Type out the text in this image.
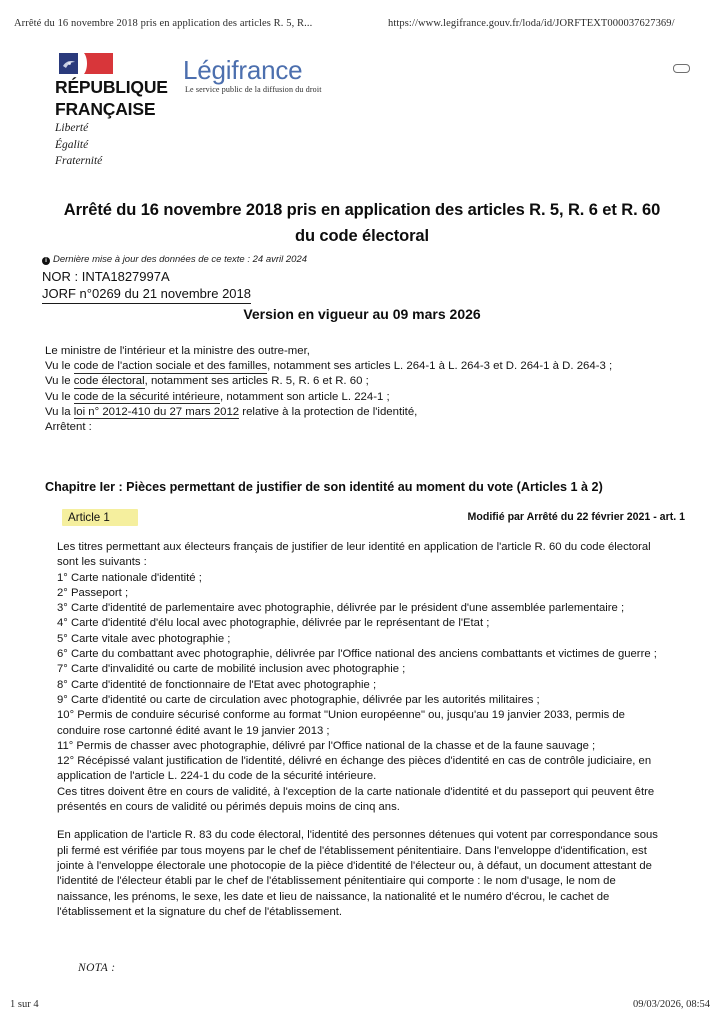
Arrêté du 16 novembre 2018 pris en application des articles R. 5, R...	https://www.legifrance.gouv.fr/loda/id/JORFTEXT000037627369/
RÉPUBLIQUE
FRANÇAISE
Liberté
Égalité
Fraternité
Légifrance
Le service public de la diffusion du droit
Arrêté du 16 novembre 2018 pris en application des articles R. 5, R. 6 et R. 60 du code électoral
i Dernière mise à jour des données de ce texte : 24 avril 2024
NOR : INTA1827997A
JORF n°0269 du 21 novembre 2018
Version en vigueur au 09 mars 2026

Le ministre de l'intérieur et la ministre des outre-mer,

Vu le code de l'action sociale et des familles, notamment ses articles L. 264-1 à L. 264-3 et D. 264-1 à D. 264-3 ;

Vu le code électoral, notamment ses articles R. 5, R. 6 et R. 60 ;

Vu le code de la sécurité intérieure, notamment son article L. 224-1 ;

Vu la loi n° 2012-410 du 27 mars 2012 relative à la protection de l'identité,

Arrêtent :

Chapitre Ier : Pièces permettant de justifier de son identité au moment du vote (Articles 1 à 2)
Article 1	Modifié par Arrêté du 22 février 2021 - art. 1

Les titres permettant aux électeurs français de justifier de leur identité en application de l'article R. 60 du code électoral sont les suivants :

1° Carte nationale d'identité ;

2° Passeport ;

3° Carte d'identité de parlementaire avec photographie, délivrée par le président d'une assemblée parlementaire ;

4° Carte d'identité d'élu local avec photographie, délivrée par le représentant de l'Etat ;

5° Carte vitale avec photographie ;

6° Carte du combattant avec photographie, délivrée par l'Office national des anciens combattants et victimes de guerre ;

7° Carte d'invalidité ou carte de mobilité inclusion avec photographie ;

8° Carte d'identité de fonctionnaire de l'Etat avec photographie ;

9° Carte d'identité ou carte de circulation avec photographie, délivrée par les autorités militaires ;

10° Permis de conduire sécurisé conforme au format "Union européenne" ou, jusqu'au 19 janvier 2033, permis de conduire rose cartonné édité avant le 19 janvier 2013 ;

11° Permis de chasser avec photographie, délivré par l'Office national de la chasse et de la faune sauvage ;

12° Récépissé valant justification de l'identité, délivré en échange des pièces d'identité en cas de contrôle judiciaire, en application de l'article L. 224-1 du code de la sécurité intérieure.

Ces titres doivent être en cours de validité, à l'exception de la carte nationale d'identité et du passeport qui peuvent être présentés en cours de validité ou périmés depuis moins de cinq ans.

En application de l'article R. 83 du code électoral, l'identité des personnes détenues qui votent par correspondance sous pli fermé est vérifiée par tous moyens par le chef de l'établissement pénitentiaire. Dans l'enveloppe d'identification, est jointe à l'enveloppe électorale une photocopie de la pièce d'identité de l'électeur ou, à défaut, un document attestant de l'identité de l'électeur établi par le chef de l'établissement pénitentiaire qui comporte : le nom d'usage, le nom de naissance, les prénoms, le sexe, les date et lieu de naissance, la nationalité et le numéro d'écrou, le cachet de l'établissement et la signature du chef de l'établissement.

NOTA :
1 sur 4	09/03/2026, 08:54
